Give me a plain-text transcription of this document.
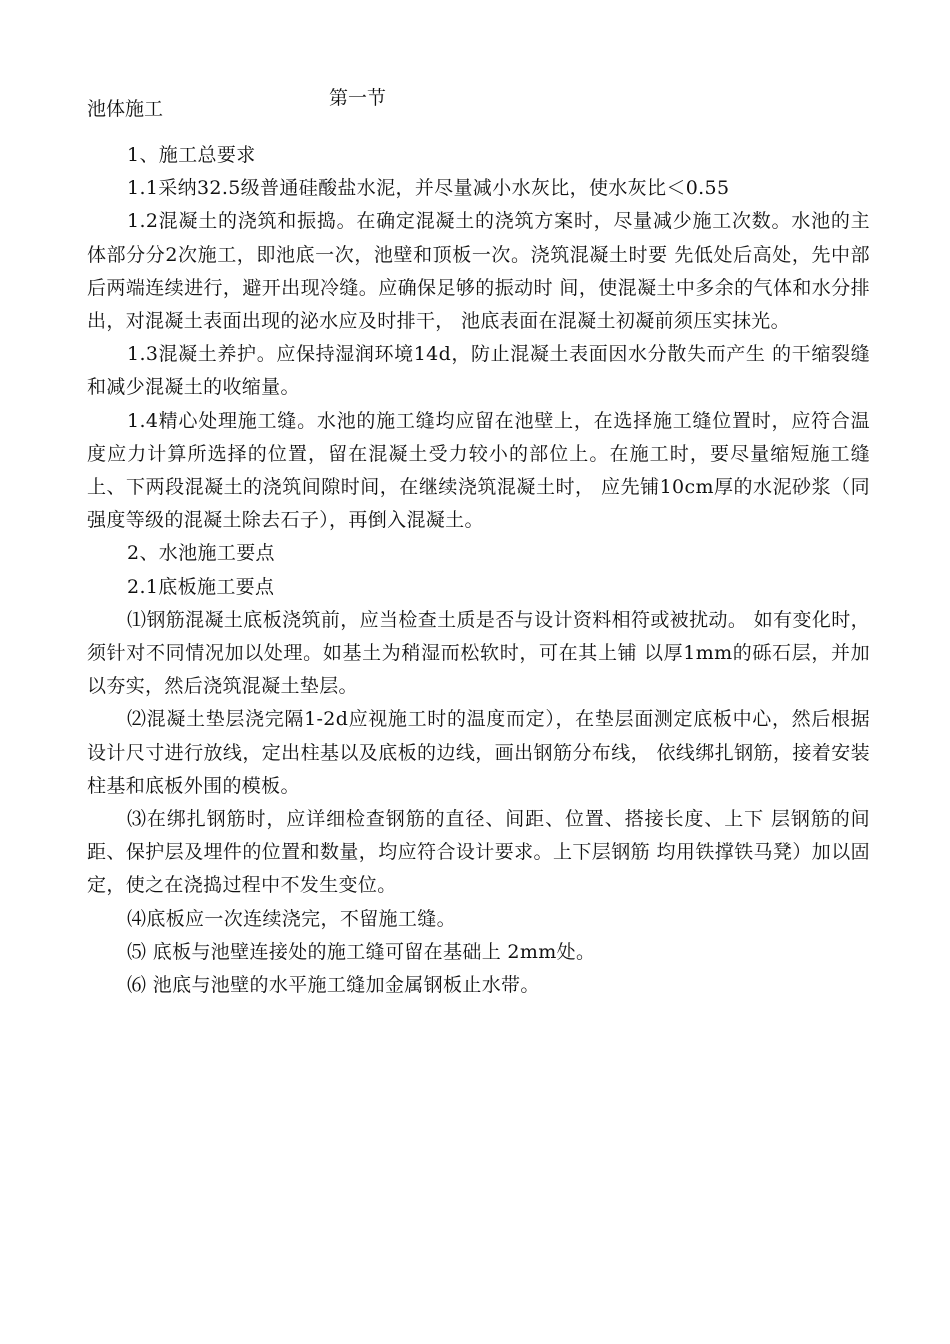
第一节
池体施工

1、施工总要求

1.1采纳32.5级普通硅酸盐水泥，并尽量减小水灰比，使水灰比＜0.55

1.2混凝土的浇筑和振捣。在确定混凝土的浇筑方案时，尽量减少施工次数。水池的主体部分分2次施工，即池底一次，池壁和顶板一次。浇筑混凝土时要 先低处后高处，先中部后两端连续进行，避开出现冷缝。应确保足够的振动时 间，使混凝土中多余的气体和水分排出，对混凝土表面出现的泌水应及时排干， 池底表面在混凝土初凝前须压实抹光。

1.3混凝土养护。应保持湿润环境14d，防止混凝土表面因水分散失而产生 的干缩裂缝和减少混凝土的收缩量。

1.4精心处理施工缝。水池的施工缝均应留在池壁上，在选择施工缝位置时，应符合温度应力计算所选择的位置，留在混凝土受力较小的部位上。在施工时，要尽量缩短施工缝上、下两段混凝土的浇筑间隙时间，在继续浇筑混凝土时， 应先铺10cm厚的水泥砂浆（同强度等级的混凝土除去石子），再倒入混凝土。

2、水池施工要点

2.1底板施工要点

⑴钢筋混凝土底板浇筑前，应当检查土质是否与设计资料相符或被扰动。 如有变化时，须针对不同情况加以处理。如基土为稍湿而松软时，可在其上铺 以厚1mm的砾石层，并加以夯实，然后浇筑混凝土垫层。

⑵混凝土垫层浇完隔1-2d应视施工时的温度而定），在垫层面测定底板中心，然后根据设计尺寸进行放线，定出柱基以及底板的边线，画出钢筋分布线， 依线绑扎钢筋，接着安装柱基和底板外围的模板。

⑶在绑扎钢筋时，应详细检查钢筋的直径、间距、位置、搭接长度、上下 层钢筋的间距、保护层及埋件的位置和数量，均应符合设计要求。上下层钢筋 均用铁撑铁马凳）加以固定，使之在浇捣过程中不发生变位。

⑷底板应一次连续浇完，不留施工缝。

⑸ 底板与池壁连接处的施工缝可留在基础上 2mm处。

⑹ 池底与池壁的水平施工缝加金属钢板止水带。
